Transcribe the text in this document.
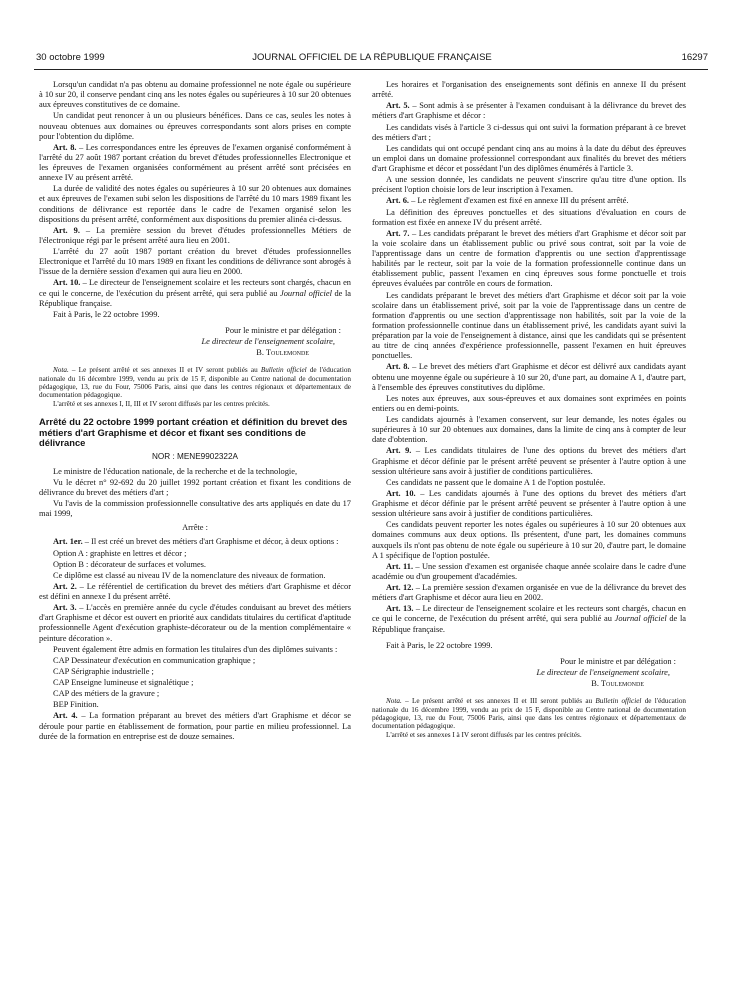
30 octobre 1999	JOURNAL OFFICIEL DE LA RÉPUBLIQUE FRANÇAISE	16297

Lorsqu'un candidat n'a pas obtenu au domaine professionnel ne note égale ou supérieure à 10 sur 20, il conserve pendant cinq ans les notes égales ou supérieures à 10 sur 20 obtenues aux épreuves constitutives de ce domaine.

Un candidat peut renoncer à un ou plusieurs bénéfices. Dans ce cas, seules les notes à nouveau obtenues aux domaines ou épreuves correspondants sont alors prises en compte pour l'obtention du diplôme.

Art. 8. – Les correspondances entre les épreuves de l'examen organisé conformément à l'arrêté du 27 août 1987 portant création du brevet d'études professionnelles Electronique et les épreuves de l'examen organisées conformément au présent arrêté sont précisées en annexe IV au présent arrêté.

La durée de validité des notes égales ou supérieures à 10 sur 20 obtenues aux domaines et aux épreuves de l'examen subi selon les dispositions de l'arrêté du 10 mars 1989 fixant les conditions de délivrance est reportée dans le cadre de l'examen organisé selon les dispositions du présent arrêté, conformément aux dispositions du premier alinéa ci-dessus.

Art. 9. – La première session du brevet d'études professionnelles Métiers de l'électronique régi par le présent arrêté aura lieu en 2001.

L'arrêté du 27 août 1987 portant création du brevet d'études professionnelles Electronique et l'arrêté du 10 mars 1989 en fixant les conditions de délivrance sont abrogés à l'issue de la dernière session d'examen qui aura lieu en 2000.

Art. 10. – Le directeur de l'enseignement scolaire et les recteurs sont chargés, chacun en ce qui le concerne, de l'exécution du présent arrêté, qui sera publié au Journal officiel de la République française.

Fait à Paris, le 22 octobre 1999.

Pour le ministre et par délégation :

Le directeur de l'enseignement scolaire,

B. Toulemonde

Nota. – Le présent arrêté et ses annexes II et IV seront publiés au Bulletin officiel de l'éducation nationale du 16 décembre 1999, vendu au prix de 15 F, disponible au Centre national de documentation pédagogique, 13, rue du Four, 75006 Paris, ainsi que dans les centres régionaux et départementaux de documentation pédagogique.

L'arrêté et ses annexes I, II, III et IV seront diffusés par les centres précités.

Arrêté du 22 octobre 1999 portant création et définition du brevet des métiers d'art Graphisme et décor et fixant ses conditions de délivrance

NOR : MENE9902322A

Le ministre de l'éducation nationale, de la recherche et de la technologie,

Vu le décret n° 92-692 du 20 juillet 1992 portant création et fixant les conditions de délivrance du brevet des métiers d'art ;

Vu l'avis de la commission professionnelle consultative des arts appliqués en date du 17 mai 1999,

Arrête :

Art. 1er. – Il est créé un brevet des métiers d'art Graphisme et décor, à deux options :

Option A : graphiste en lettres et décor ;

Option B : décorateur de surfaces et volumes.

Ce diplôme est classé au niveau IV de la nomenclature des niveaux de formation.

Art. 2. – Le référentiel de certification du brevet des métiers d'art Graphisme et décor est défini en annexe I du présent arrêté.

Art. 3. – L'accès en première année du cycle d'études conduisant au brevet des métiers d'art Graphisme et décor est ouvert en priorité aux candidats titulaires du certificat d'aptitude professionnelle Agent d'exécution graphiste-décorateur ou de la mention complémentaire « peinture décoration ».

Peuvent également être admis en formation les titulaires d'un des diplômes suivants :

CAP Dessinateur d'exécution en communication graphique ;

CAP Sérigraphie industrielle ;

CAP Enseigne lumineuse et signalétique ;

CAP des métiers de la gravure ;

BEP Finition.

Art. 4. – La formation préparant au brevet des métiers d'art Graphisme et décor se déroule pour partie en établissement de formation, pour partie en milieu professionnel. La durée de la formation en entreprise est de douze semaines.

Les horaires et l'organisation des enseignements sont définis en annexe II du présent arrêté.

Art. 5. – Sont admis à se présenter à l'examen conduisant à la délivrance du brevet des métiers d'art Graphisme et décor :

Les candidats visés à l'article 3 ci-dessus qui ont suivi la formation préparant à ce brevet des métiers d'art ;

Les candidats qui ont occupé pendant cinq ans au moins à la date du début des épreuves un emploi dans un domaine professionnel correspondant aux finalités du brevet des métiers d'art Graphisme et décor et possédant l'un des diplômes énumérés à l'article 3.

A une session donnée, les candidats ne peuvent s'inscrire qu'au titre d'une option. Ils précisent l'option choisie lors de leur inscription à l'examen.

Art. 6. – Le règlement d'examen est fixé en annexe III du présent arrêté.

La définition des épreuves ponctuelles et des situations d'évaluation en cours de formation est fixée en annexe IV du présent arrêté.

Art. 7. – Les candidats préparant le brevet des métiers d'art Graphisme et décor soit par la voie scolaire dans un établissement public ou privé sous contrat, soit par la voie de l'apprentissage dans un centre de formation d'apprentis ou une section d'apprentissage habilités par le recteur, soit par la voie de la formation professionnelle continue dans un établissement public, passent l'examen en cinq épreuves sous forme ponctuelle et trois épreuves évaluées par contrôle en cours de formation.

Les candidats préparant le brevet des métiers d'art Graphisme et décor soit par la voie scolaire dans un établissement privé, soit par la voie de l'apprentissage dans un centre de formation d'apprentis ou une section d'apprentissage non habilités, soit par la voie de la formation professionnelle continue dans un établissement privé, les candidats ayant suivi la préparation par la voie de l'enseignement à distance, ainsi que les candidats qui se présentent au titre de cinq années d'expérience professionnelle, passent l'examen en huit épreuves ponctuelles.

Art. 8. – Le brevet des métiers d'art Graphisme et décor est délivré aux candidats ayant obtenu une moyenne égale ou supérieure à 10 sur 20, d'une part, au domaine A 1, d'autre part, à l'ensemble des épreuves constitutives du diplôme.

Les notes aux épreuves, aux sous-épreuves et aux domaines sont exprimées en points entiers ou en demi-points.

Les candidats ajournés à l'examen conservent, sur leur demande, les notes égales ou supérieures à 10 sur 20 obtenues aux domaines, dans la limite de cinq ans à compter de leur date d'obtention.

Art. 9. – Les candidats titulaires de l'une des options du brevet des métiers d'art Graphisme et décor définie par le présent arrêté peuvent se présenter à l'autre option à une session ultérieure sans avoir à justifier de conditions particulières.

Ces candidats ne passent que le domaine A 1 de l'option postulée.

Art. 10. – Les candidats ajournés à l'une des options du brevet des métiers d'art Graphisme et décor définie par le présent arrêté peuvent se présenter à l'autre option à une session ultérieure sans avoir à justifier de conditions particulières.

Ces candidats peuvent reporter les notes égales ou supérieures à 10 sur 20 obtenues aux domaines communs aux deux options. Ils présentent, d'une part, les domaines communs auxquels ils n'ont pas obtenu de note égale ou supérieure à 10 sur 20, d'autre part, le domaine A 1 spécifique de l'option postulée.

Art. 11. – Une session d'examen est organisée chaque année scolaire dans le cadre d'une académie ou d'un groupement d'académies.

Art. 12. – La première session d'examen organisée en vue de la délivrance du brevet des métiers d'art Graphisme et décor aura lieu en 2002.

Art. 13. – Le directeur de l'enseignement scolaire et les recteurs sont chargés, chacun en ce qui le concerne, de l'exécution du présent arrêté, qui sera publié au Journal officiel de la République française.

Fait à Paris, le 22 octobre 1999.

Pour le ministre et par délégation :

Le directeur de l'enseignement scolaire,

B. Toulemonde

Nota. – Le présent arrêté et ses annexes II et III seront publiés au Bulletin officiel de l'éducation nationale du 16 décembre 1999, vendu au prix de 15 F, disponible au Centre national de documentation pédagogique, 13, rue du Four, 75006 Paris, ainsi que dans les centres régionaux et départementaux de documentation pédagogique.

L'arrêté et ses annexes I à IV seront diffusés par les centres précités.
